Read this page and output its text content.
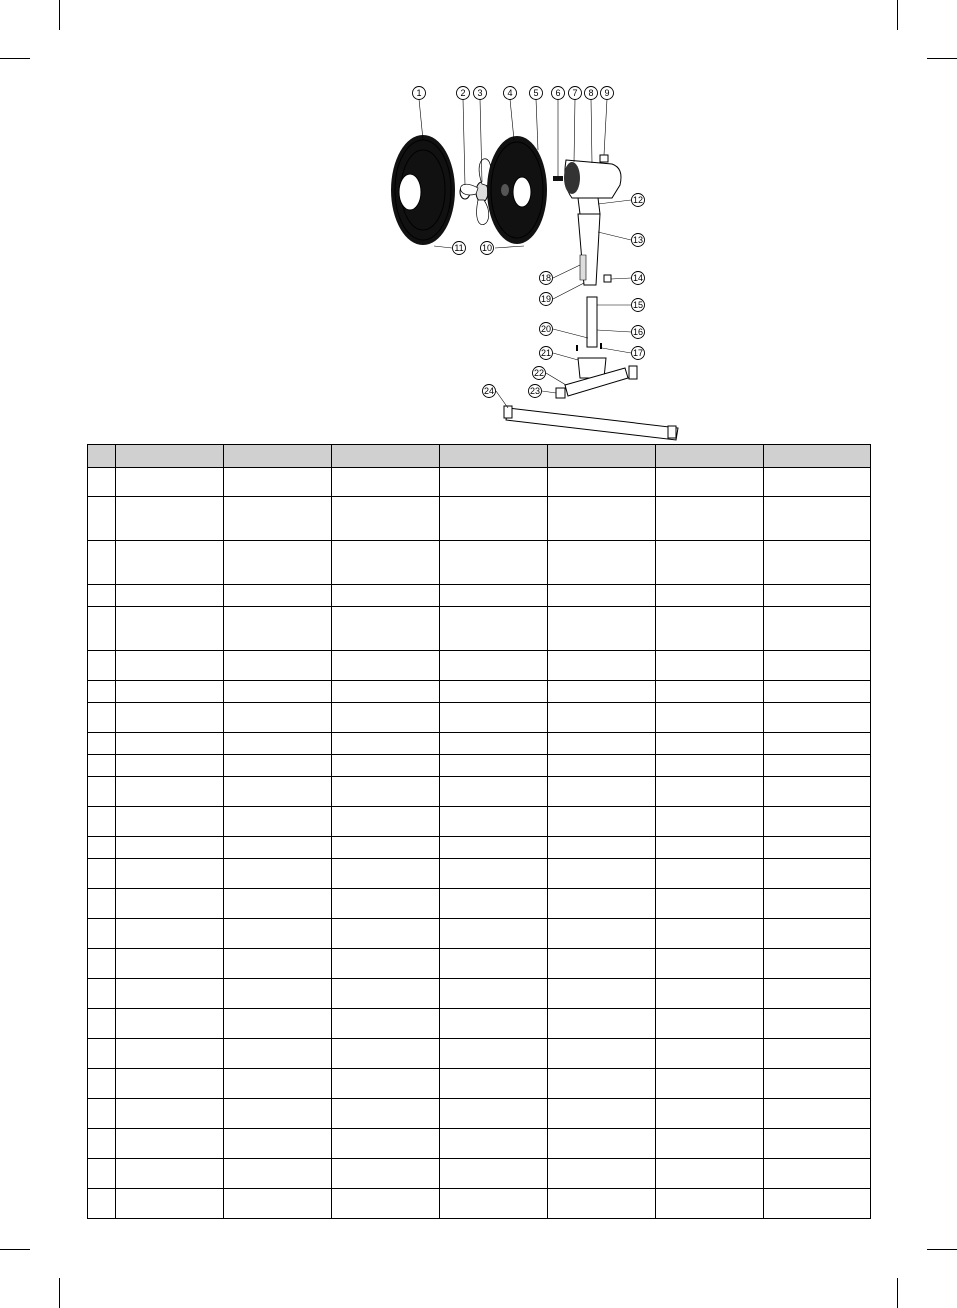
1	2 3	4 5 6 7 8 9
10
11
12
13
14
15
16
17
18
19
20
21
22
23
24
